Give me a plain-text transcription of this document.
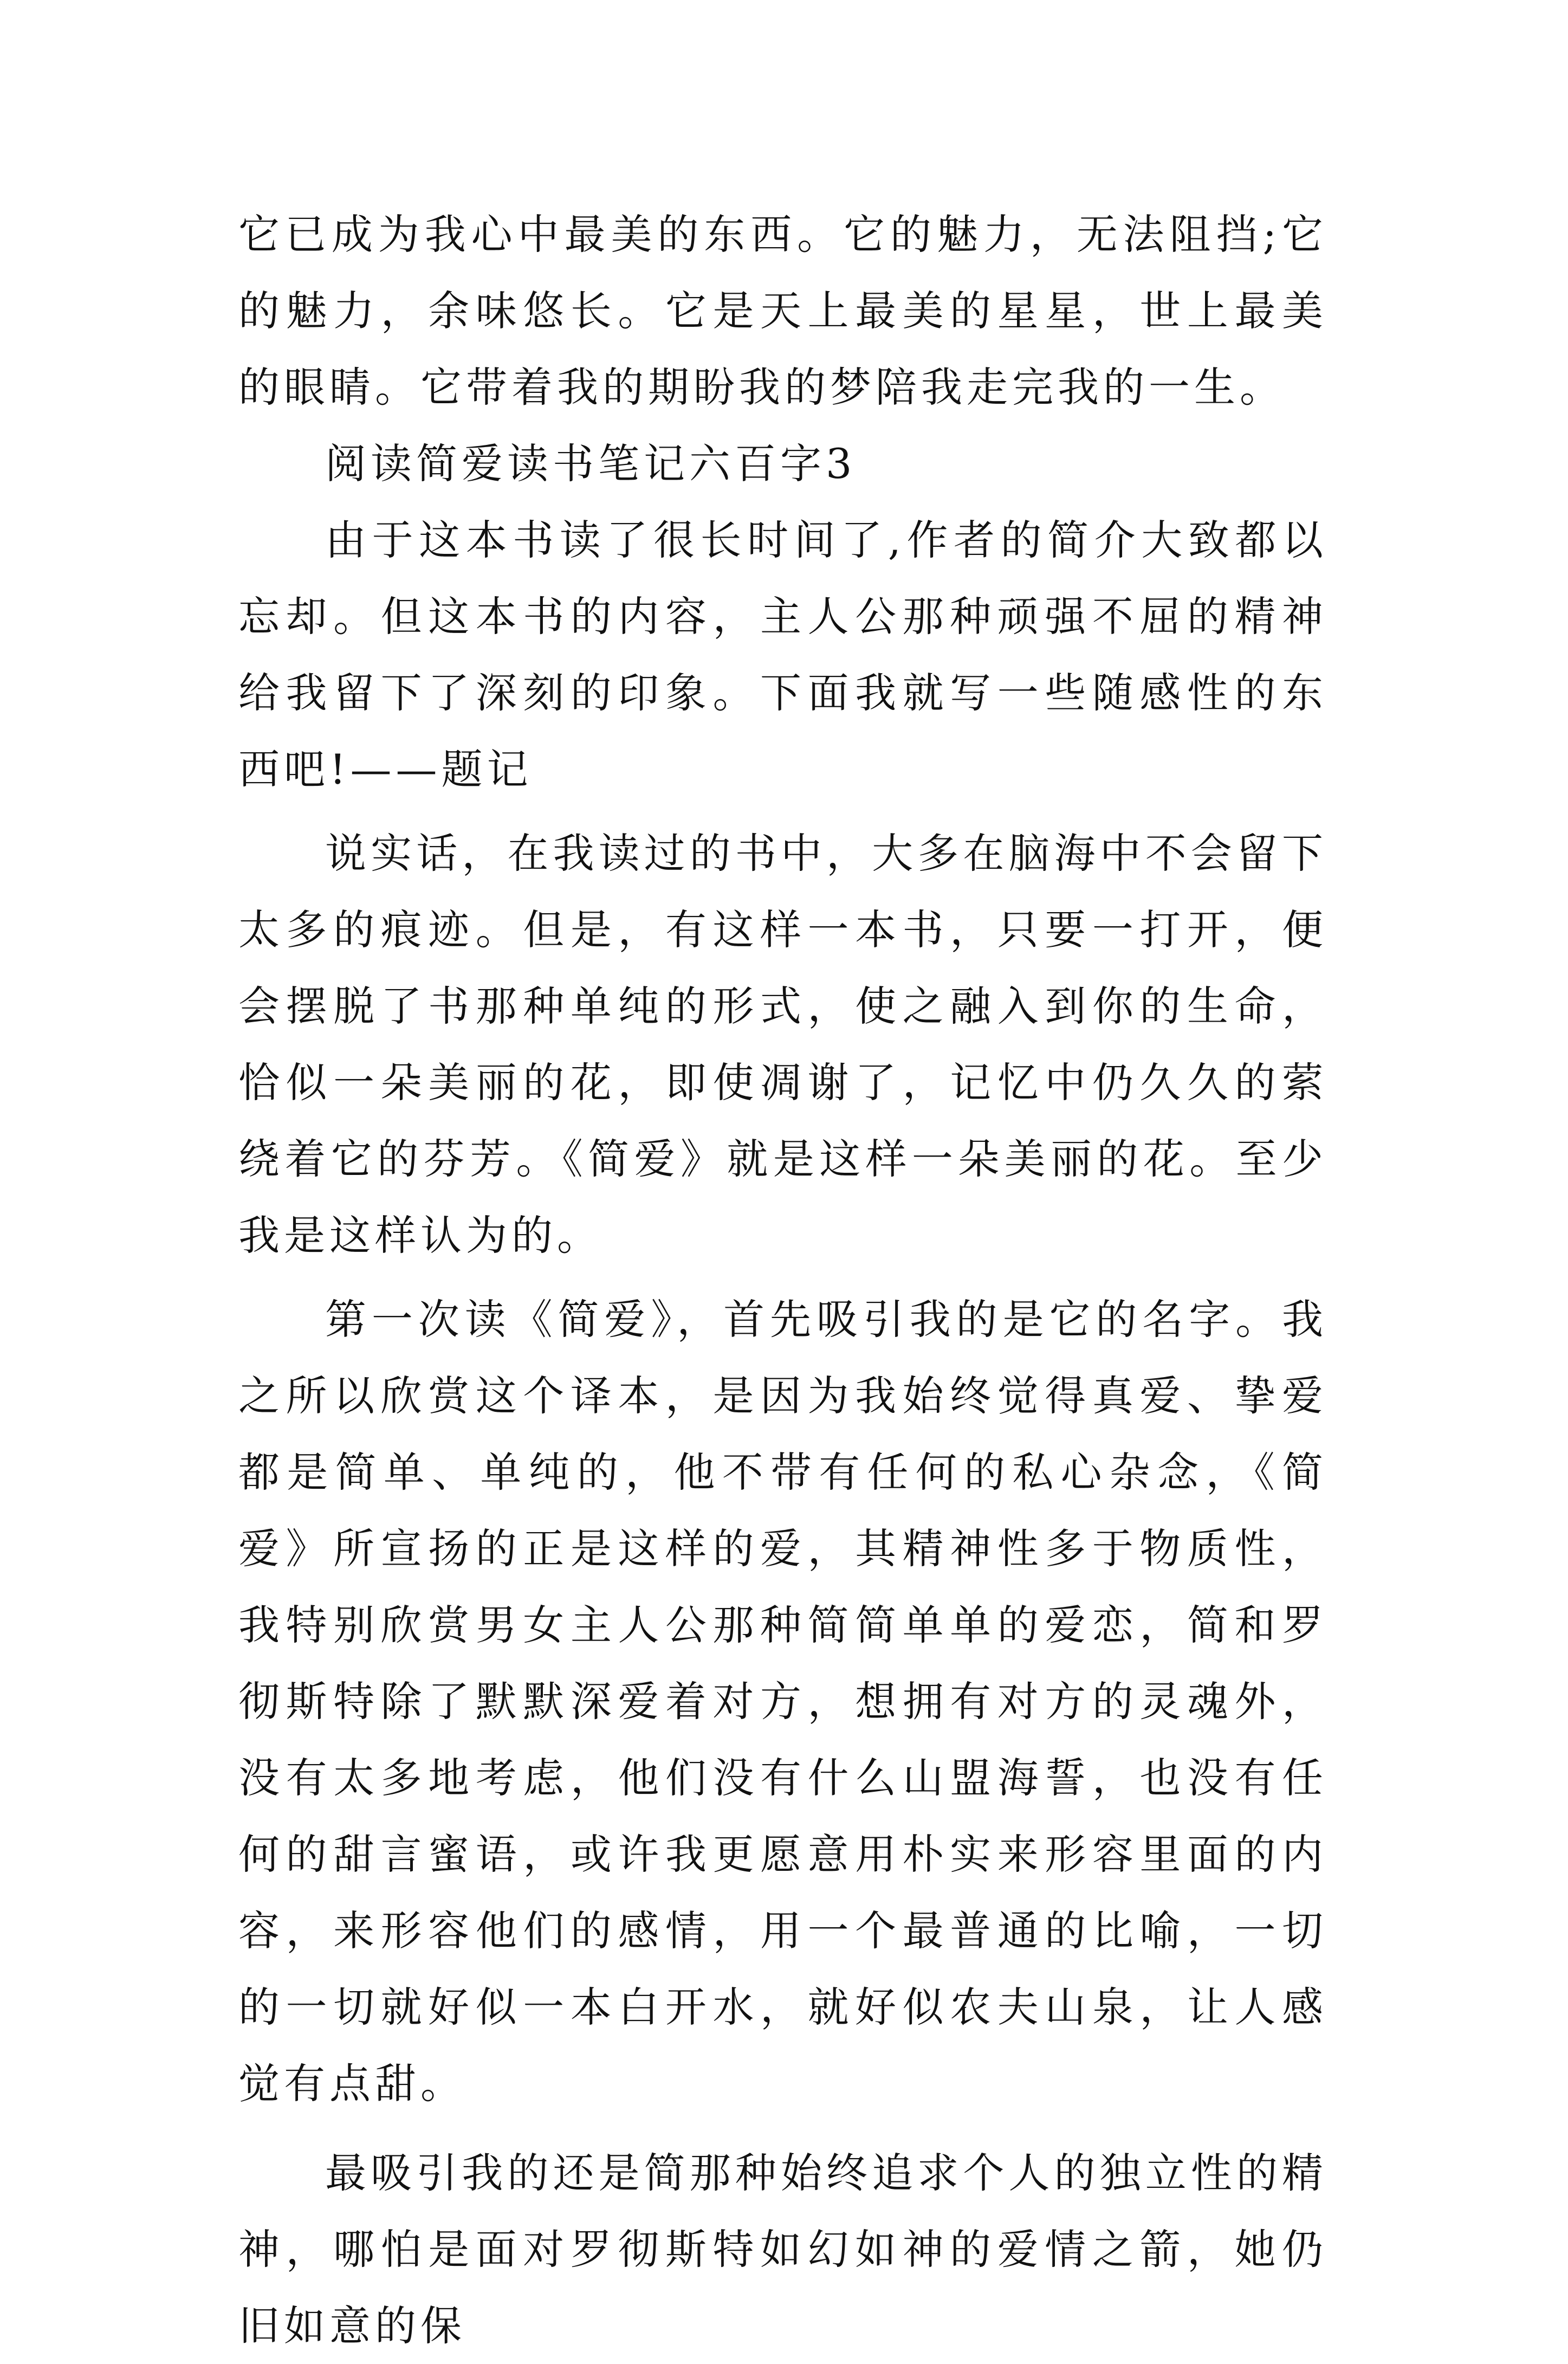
它已成为我心中最美的东西。它的魅力，无法阻挡;它的魅力，余味悠长。它是天上最美的星星，世上最美的眼睛。它带着我的期盼我的梦陪我走完我的一生。

阅读简爱读书笔记六百字3

由于这本书读了很长时间了,作者的简介大致都以忘却。但这本书的内容，主人公那种顽强不屈的精神给我留下了深刻的印象。下面我就写一些随感性的东西吧!——题记

说实话，在我读过的书中，大多在脑海中不会留下太多的痕迹。但是，有这样一本书，只要一打开，便会摆脱了书那种单纯的形式，使之融入到你的生命，恰似一朵美丽的花，即使凋谢了，记忆中仍久久的萦绕着它的芬芳。《简爱》就是这样一朵美丽的花。至少我是这样认为的。

第一次读《简爱》，首先吸引我的是它的名字。我之所以欣赏这个译本，是因为我始终觉得真爱、挚爱都是简单、单纯的，他不带有任何的私心杂念，《简爱》所宣扬的正是这样的爱，其精神性多于物质性，我特别欣赏男女主人公那种简简单单的爱恋，简和罗彻斯特除了默默深爱着对方，想拥有对方的灵魂外，没有太多地考虑，他们没有什么山盟海誓，也没有任何的甜言蜜语，或许我更愿意用朴实来形容里面的内容，来形容他们的感情，用一个最普通的比喻，一切的一切就好似一本白开水，就好似农夫山泉，让人感觉有点甜。

最吸引我的还是简那种始终追求个人的独立性的精神，哪怕是面对罗彻斯特如幻如神的爱情之箭，她仍旧如意的保
